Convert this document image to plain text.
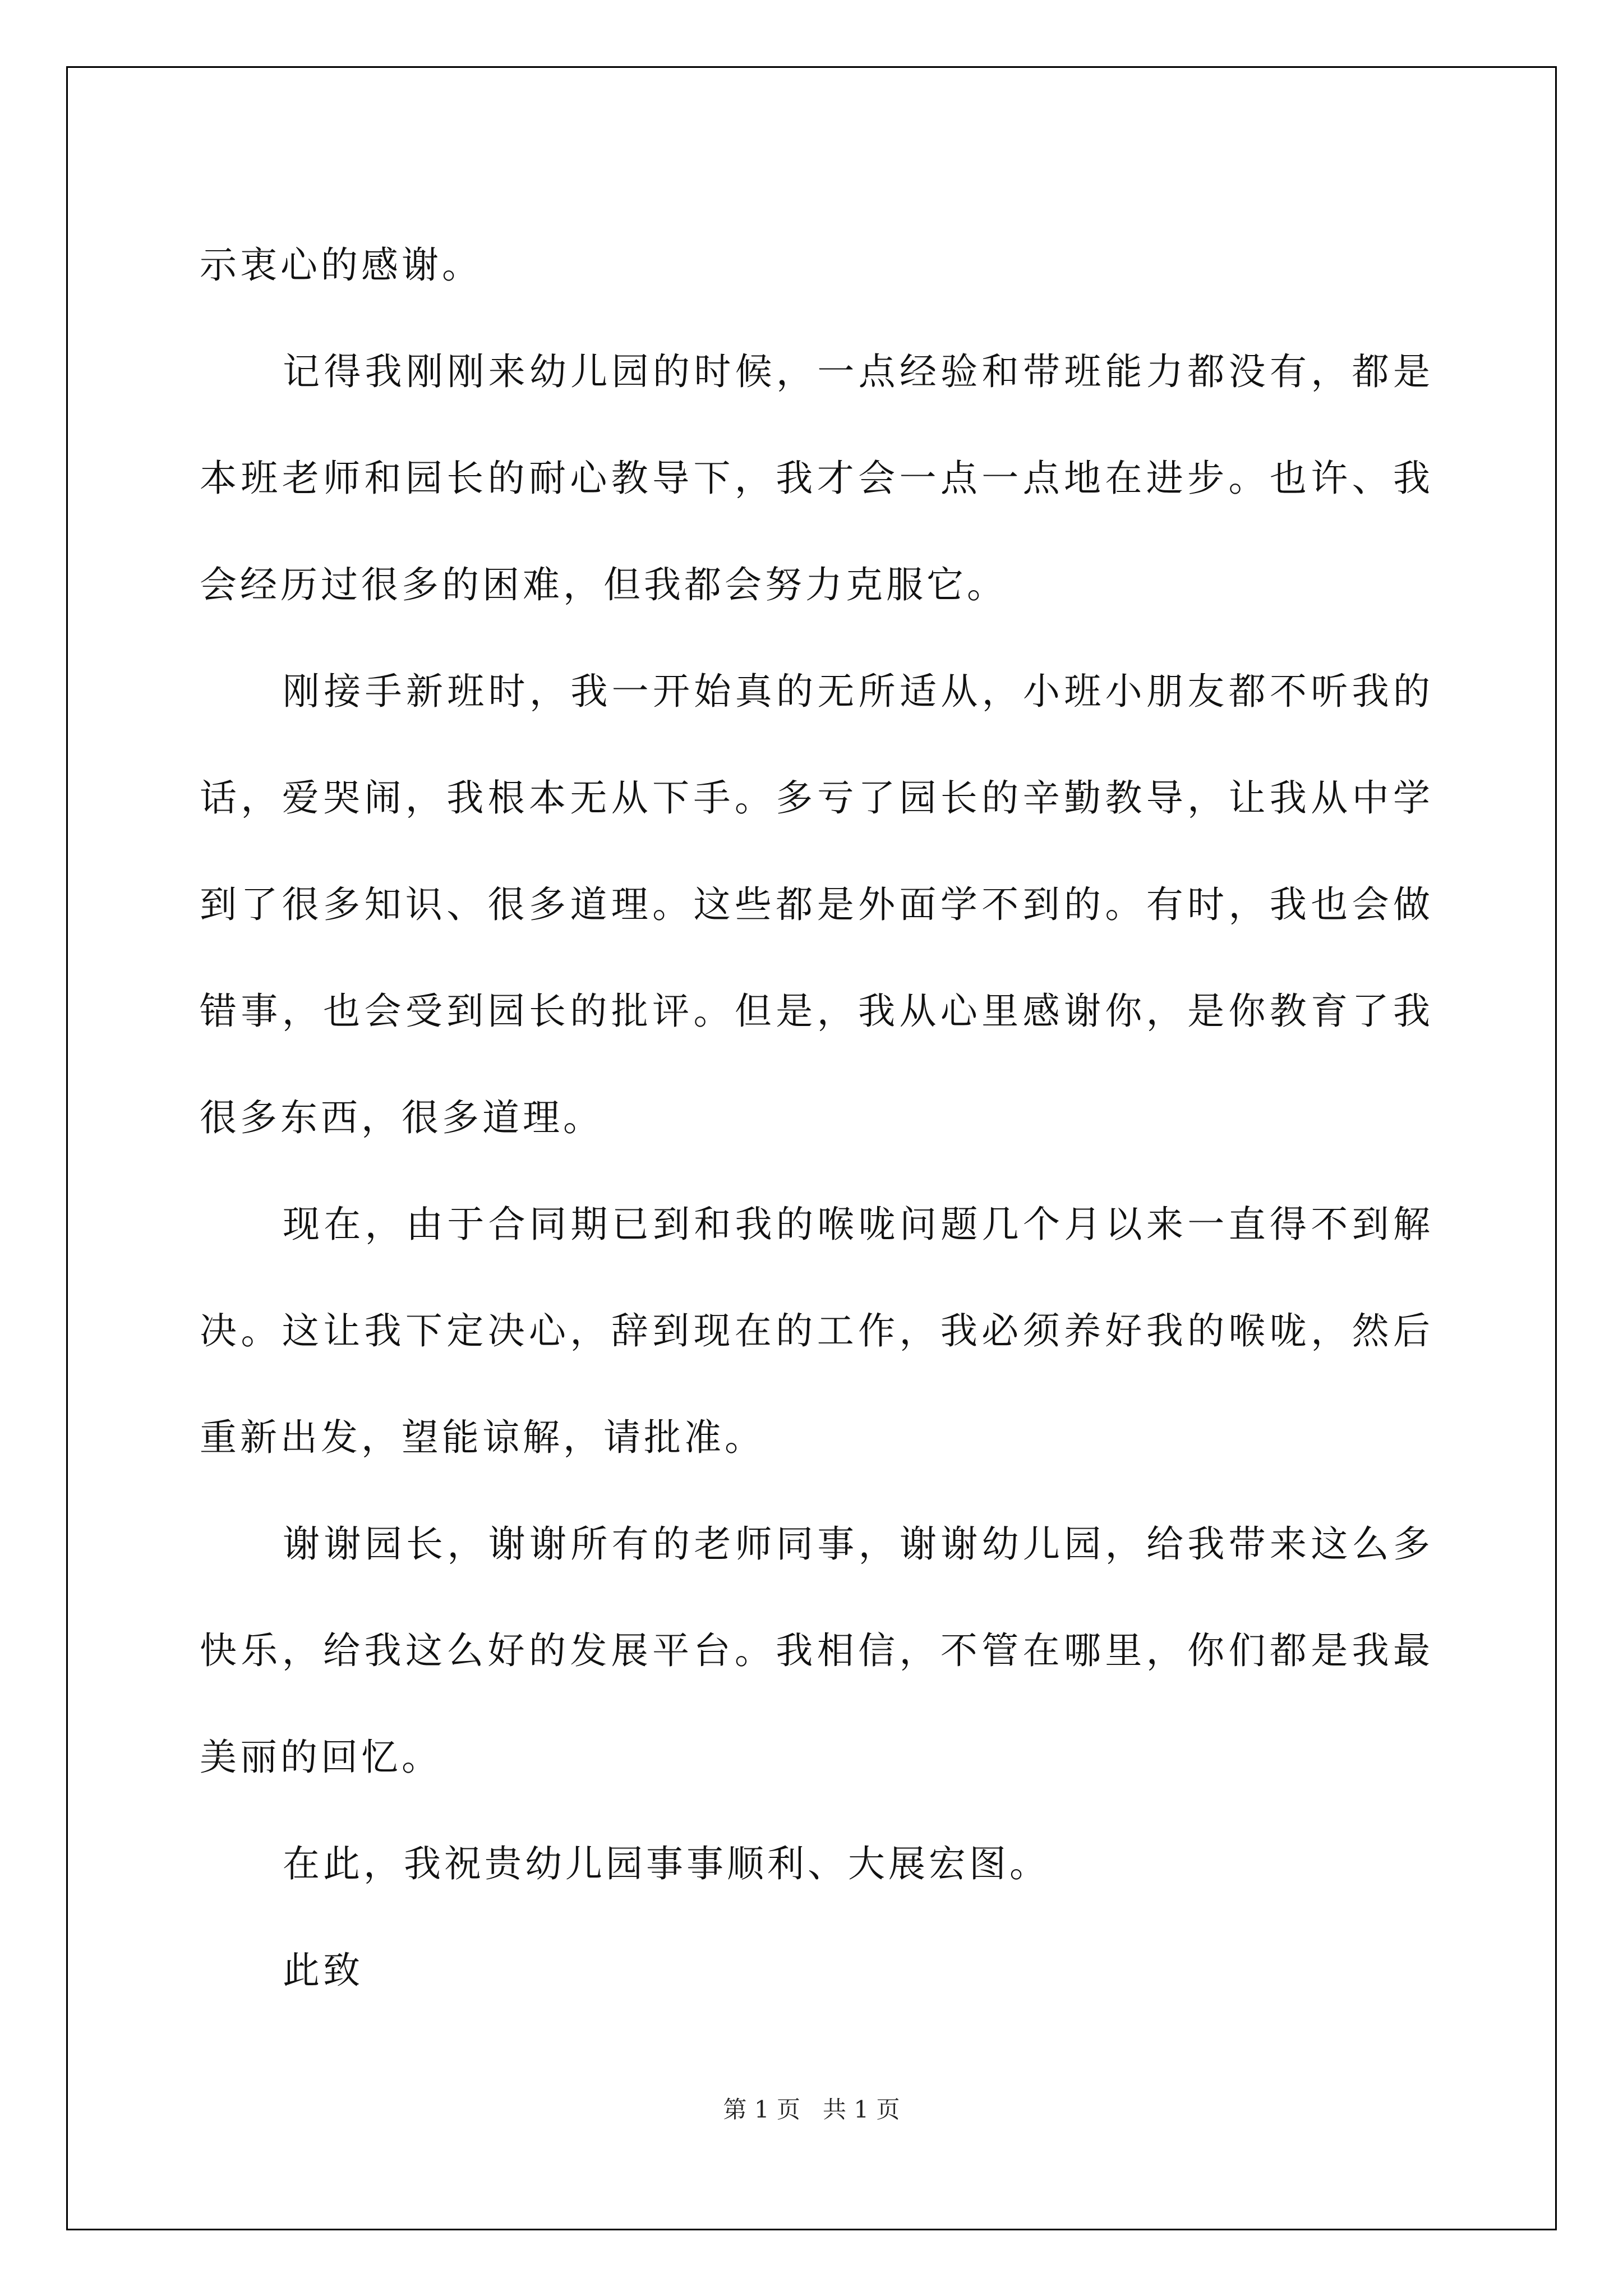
示衷心的感谢。

记得我刚刚来幼儿园的时候，一点经验和带班能力都没有，都是本班老师和园长的耐心教导下，我才会一点一点地在进步。也许、我会经历过很多的困难，但我都会努力克服它。

刚接手新班时，我一开始真的无所适从，小班小朋友都不听我的话，爱哭闹，我根本无从下手。多亏了园长的辛勤教导，让我从中学到了很多知识、很多道理。这些都是外面学不到的。有时，我也会做错事，也会受到园长的批评。但是，我从心里感谢你，是你教育了我很多东西，很多道理。

现在，由于合同期已到和我的喉咙问题几个月以来一直得不到解决。这让我下定决心，辞到现在的工作，我必须养好我的喉咙，然后重新出发，望能谅解，请批准。

谢谢园长，谢谢所有的老师同事，谢谢幼儿园，给我带来这么多快乐，给我这么好的发展平台。我相信，不管在哪里，你们都是我最美丽的回忆。

在此，我祝贵幼儿园事事顺利、大展宏图。

此致

第 1 页   共 1 页
